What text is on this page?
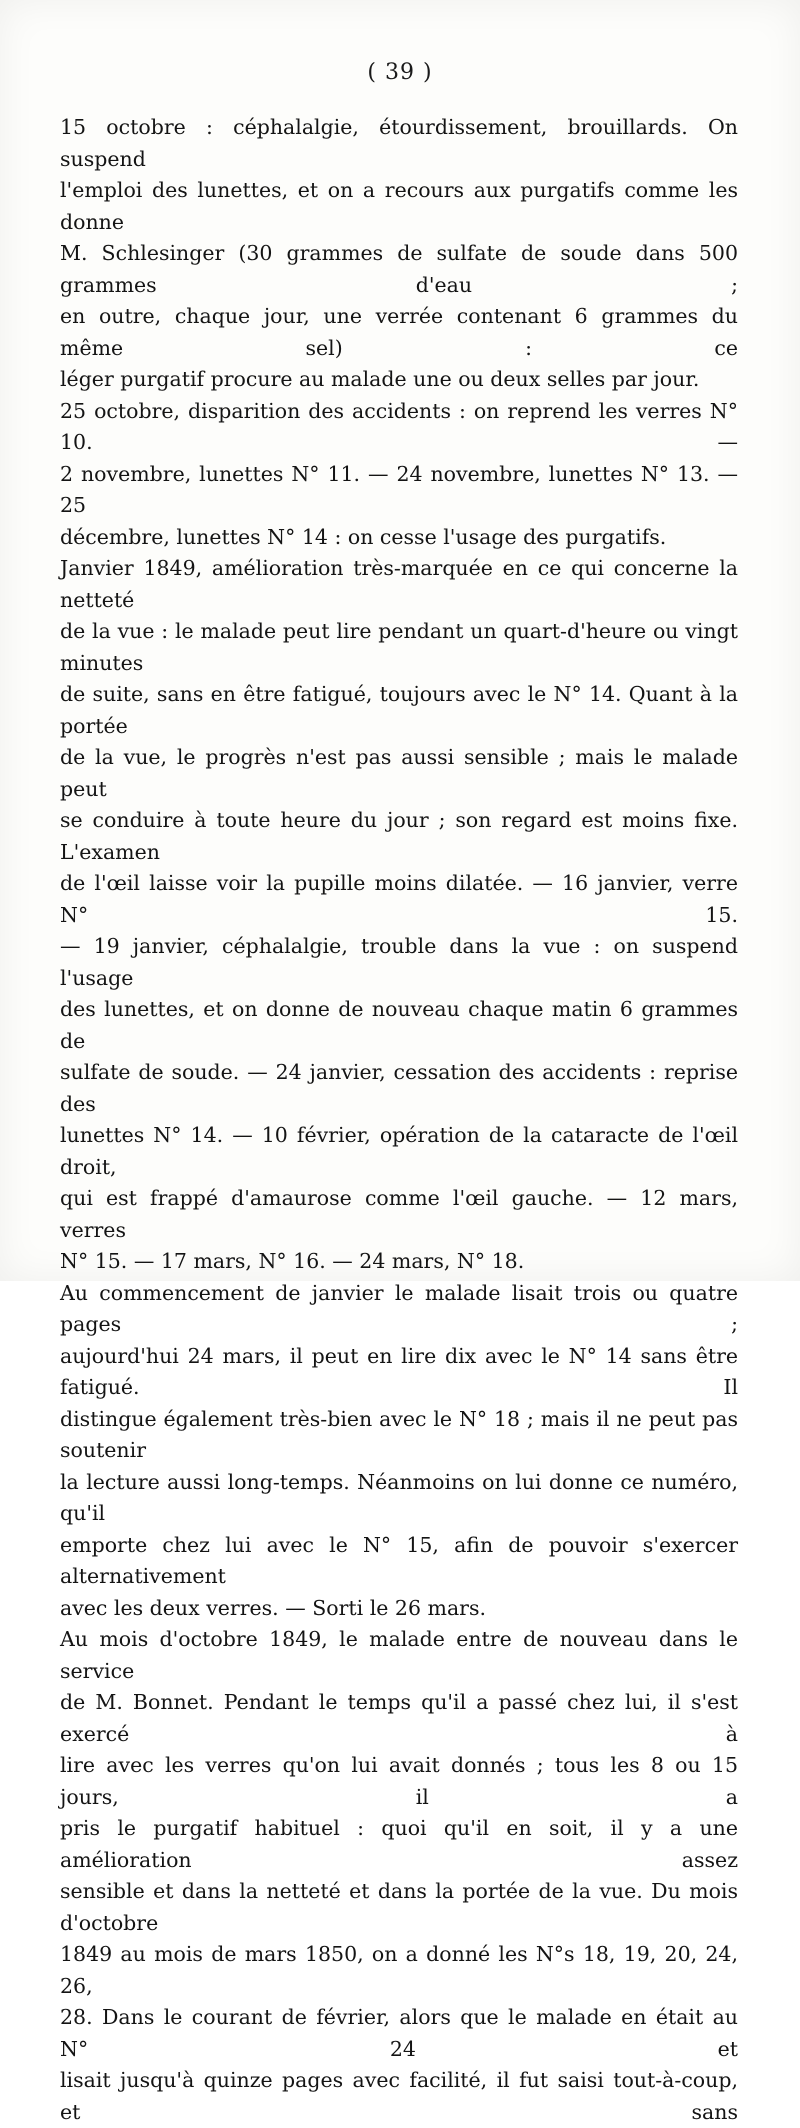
( 39 )

15 octobre : céphalalgie, étourdissement, brouillards. On suspend

l'emploi des lunettes, et on a recours aux purgatifs comme les donne

M. Schlesinger (30 grammes de sulfate de soude dans 500 grammes d'eau ;

en outre, chaque jour, une verrée contenant 6 grammes du même sel) : ce

léger purgatif procure au malade une ou deux selles par jour.

25 octobre, disparition des accidents : on reprend les verres N° 10. —

2 novembre, lunettes N° 11. — 24 novembre, lunettes N° 13. — 25

décembre, lunettes N° 14 : on cesse l'usage des purgatifs.

Janvier 1849, amélioration très-marquée en ce qui concerne la netteté

de la vue : le malade peut lire pendant un quart-d'heure ou vingt minutes

de suite, sans en être fatigué, toujours avec le N° 14. Quant à la portée

de la vue, le progrès n'est pas aussi sensible ; mais le malade peut

se conduire à toute heure du jour ; son regard est moins fixe. L'examen

de l'œil laisse voir la pupille moins dilatée. — 16 janvier, verre N° 15.

— 19 janvier, céphalalgie, trouble dans la vue : on suspend l'usage

des lunettes, et on donne de nouveau chaque matin 6 grammes de

sulfate de soude. — 24 janvier, cessation des accidents : reprise des

lunettes N° 14. — 10 février, opération de la cataracte de l'œil droit,

qui est frappé d'amaurose comme l'œil gauche. — 12 mars, verres

N° 15. — 17 mars, N° 16. — 24 mars, N° 18.

Au commencement de janvier le malade lisait trois ou quatre pages ;

aujourd'hui 24 mars, il peut en lire dix avec le N° 14 sans être fatigué. Il

distingue également très-bien avec le N° 18 ; mais il ne peut pas soutenir

la lecture aussi long-temps. Néanmoins on lui donne ce numéro, qu'il

emporte chez lui avec le N° 15, afin de pouvoir s'exercer alternativement

avec les deux verres. — Sorti le 26 mars.

Au mois d'octobre 1849, le malade entre de nouveau dans le service

de M. Bonnet. Pendant le temps qu'il a passé chez lui, il s'est exercé à

lire avec les verres qu'on lui avait donnés ; tous les 8 ou 15 jours, il a

pris le purgatif habituel : quoi qu'il en soit, il y a une amélioration assez

sensible et dans la netteté et dans la portée de la vue. Du mois d'octobre

1849 au mois de mars 1850, on a donné les N°s 18, 19, 20, 24, 26,

28. Dans le courant de février, alors que le malade en était au N° 24 et

lisait jusqu'à quinze pages avec facilité, il fut saisi tout-à-coup, et sans
